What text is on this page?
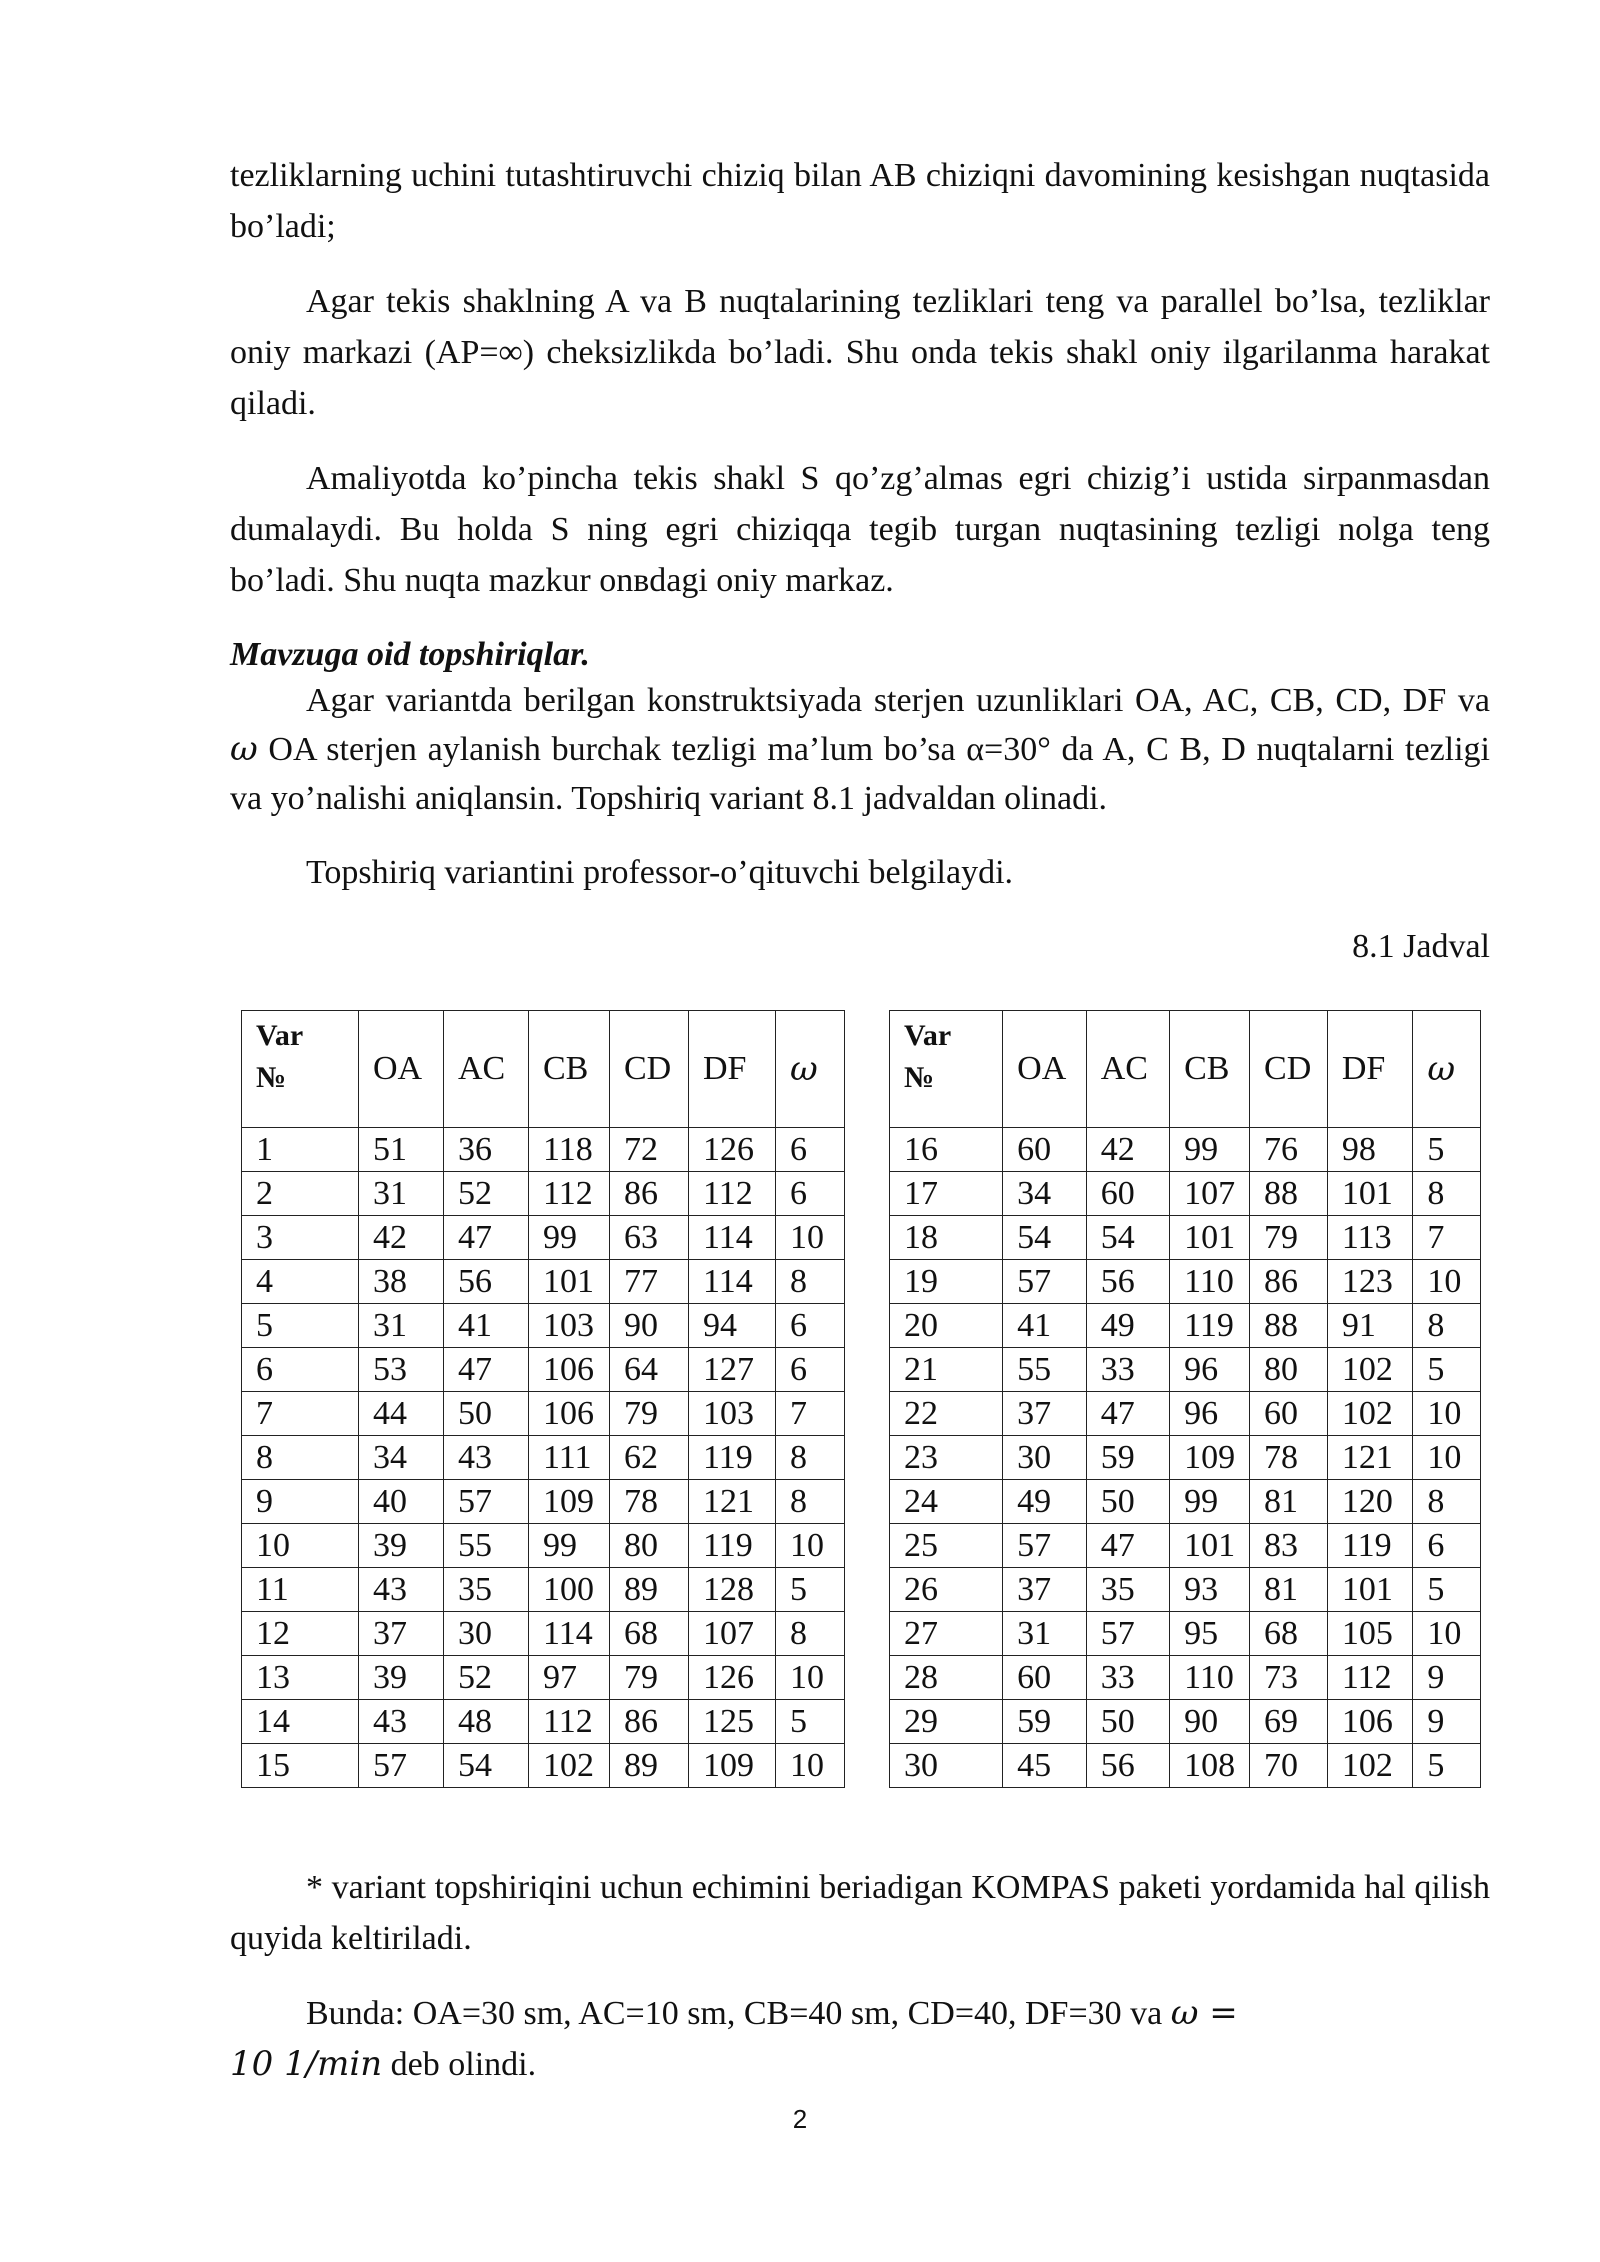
tezliklarning uchini tutashtiruvchi chiziq bilan AB chiziqni davomining kesishgan nuqtasida bo’ladi;

Agar tekis shaklning A va B nuqtalarining tezliklari teng va parallel bo’lsa, tezliklar oniy markazi (AP=∞) cheksizlikda bo’ladi. Shu onda tekis shakl oniy ilgarilanma harakat qiladi.

Amaliyotda ko’pincha tekis shakl S qo’zg’almas egri chizig’i ustida sirpanmasdan dumalaydi. Bu holda S ning egri chiziqqa tegib turgan nuqtasining tezligi nolga teng bo’ladi. Shu nuqta mazkur onвdagi oniy markaz.

Mavzuga oid topshiriqlar.

Agar variantda berilgan konstruktsiyada sterjen uzunliklari OA, AC, CB, CD, DF va ω OA sterjen aylanish burchak tezligi ma’lum bo’sa α=30° da A, C B, D nuqtalarni tezligi va yo’nalishi aniqlansin. Topshiriq variant 8.1 jadvaldan olinadi.

Topshiriq variantini professor-o’qituvchi belgilaydi.

8.1 Jadval

Var
№	OA	AC	CB	CD	DF	ω
1	51	36	118	72	126	6
2	31	52	112	86	112	6
3	42	47	99	63	114	10
4	38	56	101	77	114	8
5	31	41	103	90	94	6
6	53	47	106	64	127	6
7	44	50	106	79	103	7
8	34	43	111	62	119	8
9	40	57	109	78	121	8
10	39	55	99	80	119	10
11	43	35	100	89	128	5
12	37	30	114	68	107	8
13	39	52	97	79	126	10
14	43	48	112	86	125	5
15	57	54	102	89	109	10
Var
№	OA	AC	CB	CD	DF	ω
16	60	42	99	76	98	5
17	34	60	107	88	101	8
18	54	54	101	79	113	7
19	57	56	110	86	123	10
20	41	49	119	88	91	8
21	55	33	96	80	102	5
22	37	47	96	60	102	10
23	30	59	109	78	121	10
24	49	50	99	81	120	8
25	57	47	101	83	119	6
26	37	35	93	81	101	5
27	31	57	95	68	105	10
28	60	33	110	73	112	9
29	59	50	90	69	106	9
30	45	56	108	70	102	5

* variant topshiriqini uchun echimini beriadigan KOMPAS paketi yordamida hal qilish quyida keltiriladi.

Bunda: OA=30 sm, AC=10 sm, CB=40 sm, CD=40, DF=30 va ω =
10 1/min deb olindi.

2
